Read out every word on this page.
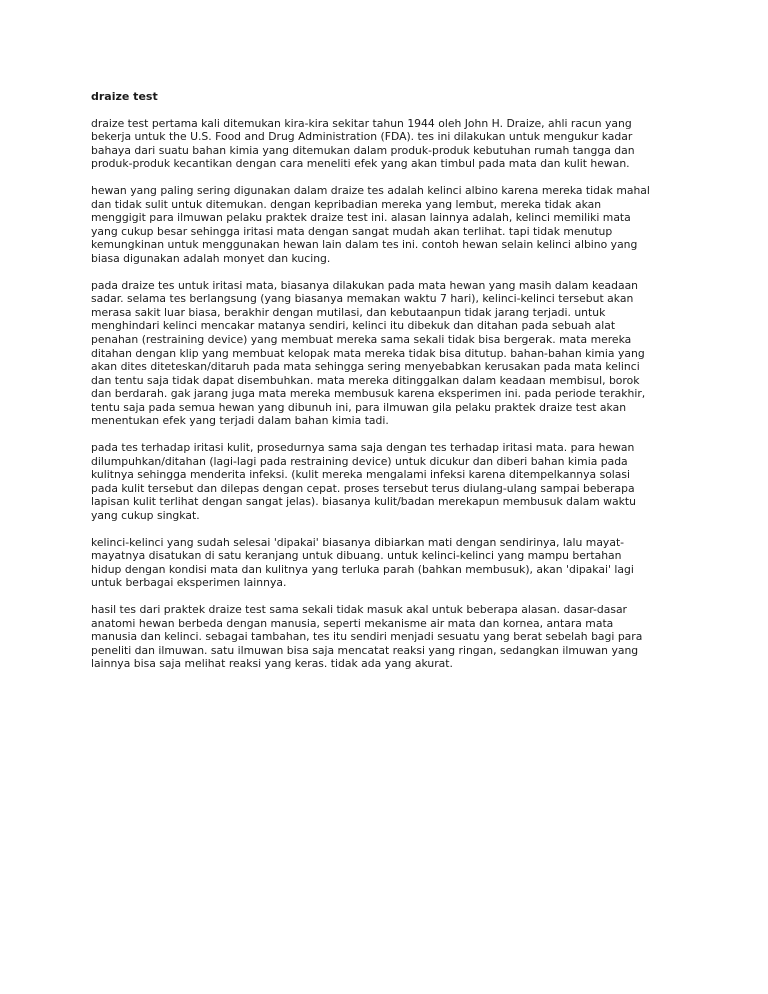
draize test
draize test pertama kali ditemukan kira-kira sekitar tahun 1944 oleh John H. Draize, ahli racun yang
bekerja untuk the U.S. Food and Drug Administration (FDA). tes ini dilakukan untuk mengukur kadar
bahaya dari suatu bahan kimia yang ditemukan dalam produk-produk kebutuhan rumah tangga dan
produk-produk kecantikan dengan cara meneliti efek yang akan timbul pada mata dan kulit hewan.
hewan yang paling sering digunakan dalam draize tes adalah kelinci albino karena mereka tidak mahal
dan tidak sulit untuk ditemukan. dengan kepribadian mereka yang lembut, mereka tidak akan
menggigit para ilmuwan pelaku praktek draize test ini. alasan lainnya adalah, kelinci memiliki mata
yang cukup besar sehingga iritasi mata dengan sangat mudah akan terlihat. tapi tidak menutup
kemungkinan untuk menggunakan hewan lain dalam tes ini. contoh hewan selain kelinci albino yang
biasa digunakan adalah monyet dan kucing.
pada draize tes untuk iritasi mata, biasanya dilakukan pada mata hewan yang masih dalam keadaan
sadar. selama tes berlangsung (yang biasanya memakan waktu 7 hari), kelinci-kelinci tersebut akan
merasa sakit luar biasa, berakhir dengan mutilasi, dan kebutaanpun tidak jarang terjadi. untuk
menghindari kelinci mencakar matanya sendiri, kelinci itu dibekuk dan ditahan pada sebuah alat
penahan (restraining device) yang membuat mereka sama sekali tidak bisa bergerak. mata mereka
ditahan dengan klip yang membuat kelopak mata mereka tidak bisa ditutup. bahan-bahan kimia yang
akan dites diteteskan/ditaruh pada mata sehingga sering menyebabkan kerusakan pada mata kelinci
dan tentu saja tidak dapat disembuhkan. mata mereka ditinggalkan dalam keadaan membisul, borok
dan berdarah. gak jarang juga mata mereka membusuk karena eksperimen ini. pada periode terakhir,
tentu saja pada semua hewan yang dibunuh ini, para ilmuwan gila pelaku praktek draize test akan
menentukan efek yang terjadi dalam bahan kimia tadi.
pada tes terhadap iritasi kulit, prosedurnya sama saja dengan tes terhadap iritasi mata. para hewan
dilumpuhkan/ditahan (lagi-lagi pada restraining device) untuk dicukur dan diberi bahan kimia pada
kulitnya sehingga menderita infeksi. (kulit mereka mengalami infeksi karena ditempelkannya solasi
pada kulit tersebut dan dilepas dengan cepat. proses tersebut terus diulang-ulang sampai beberapa
lapisan kulit terlihat dengan sangat jelas). biasanya kulit/badan merekapun membusuk dalam waktu
yang cukup singkat.
kelinci-kelinci yang sudah selesai 'dipakai' biasanya dibiarkan mati dengan sendirinya, lalu mayat-
mayatnya disatukan di satu keranjang untuk dibuang. untuk kelinci-kelinci yang mampu bertahan
hidup dengan kondisi mata dan kulitnya yang terluka parah (bahkan membusuk), akan 'dipakai' lagi
untuk berbagai eksperimen lainnya.
hasil tes dari praktek draize test sama sekali tidak masuk akal untuk beberapa alasan. dasar-dasar
anatomi hewan berbeda dengan manusia, seperti mekanisme air mata dan kornea, antara mata
manusia dan kelinci. sebagai tambahan, tes itu sendiri menjadi sesuatu yang berat sebelah bagi para
peneliti dan ilmuwan. satu ilmuwan bisa saja mencatat reaksi yang ringan, sedangkan ilmuwan yang
lainnya bisa saja melihat reaksi yang keras. tidak ada yang akurat.
